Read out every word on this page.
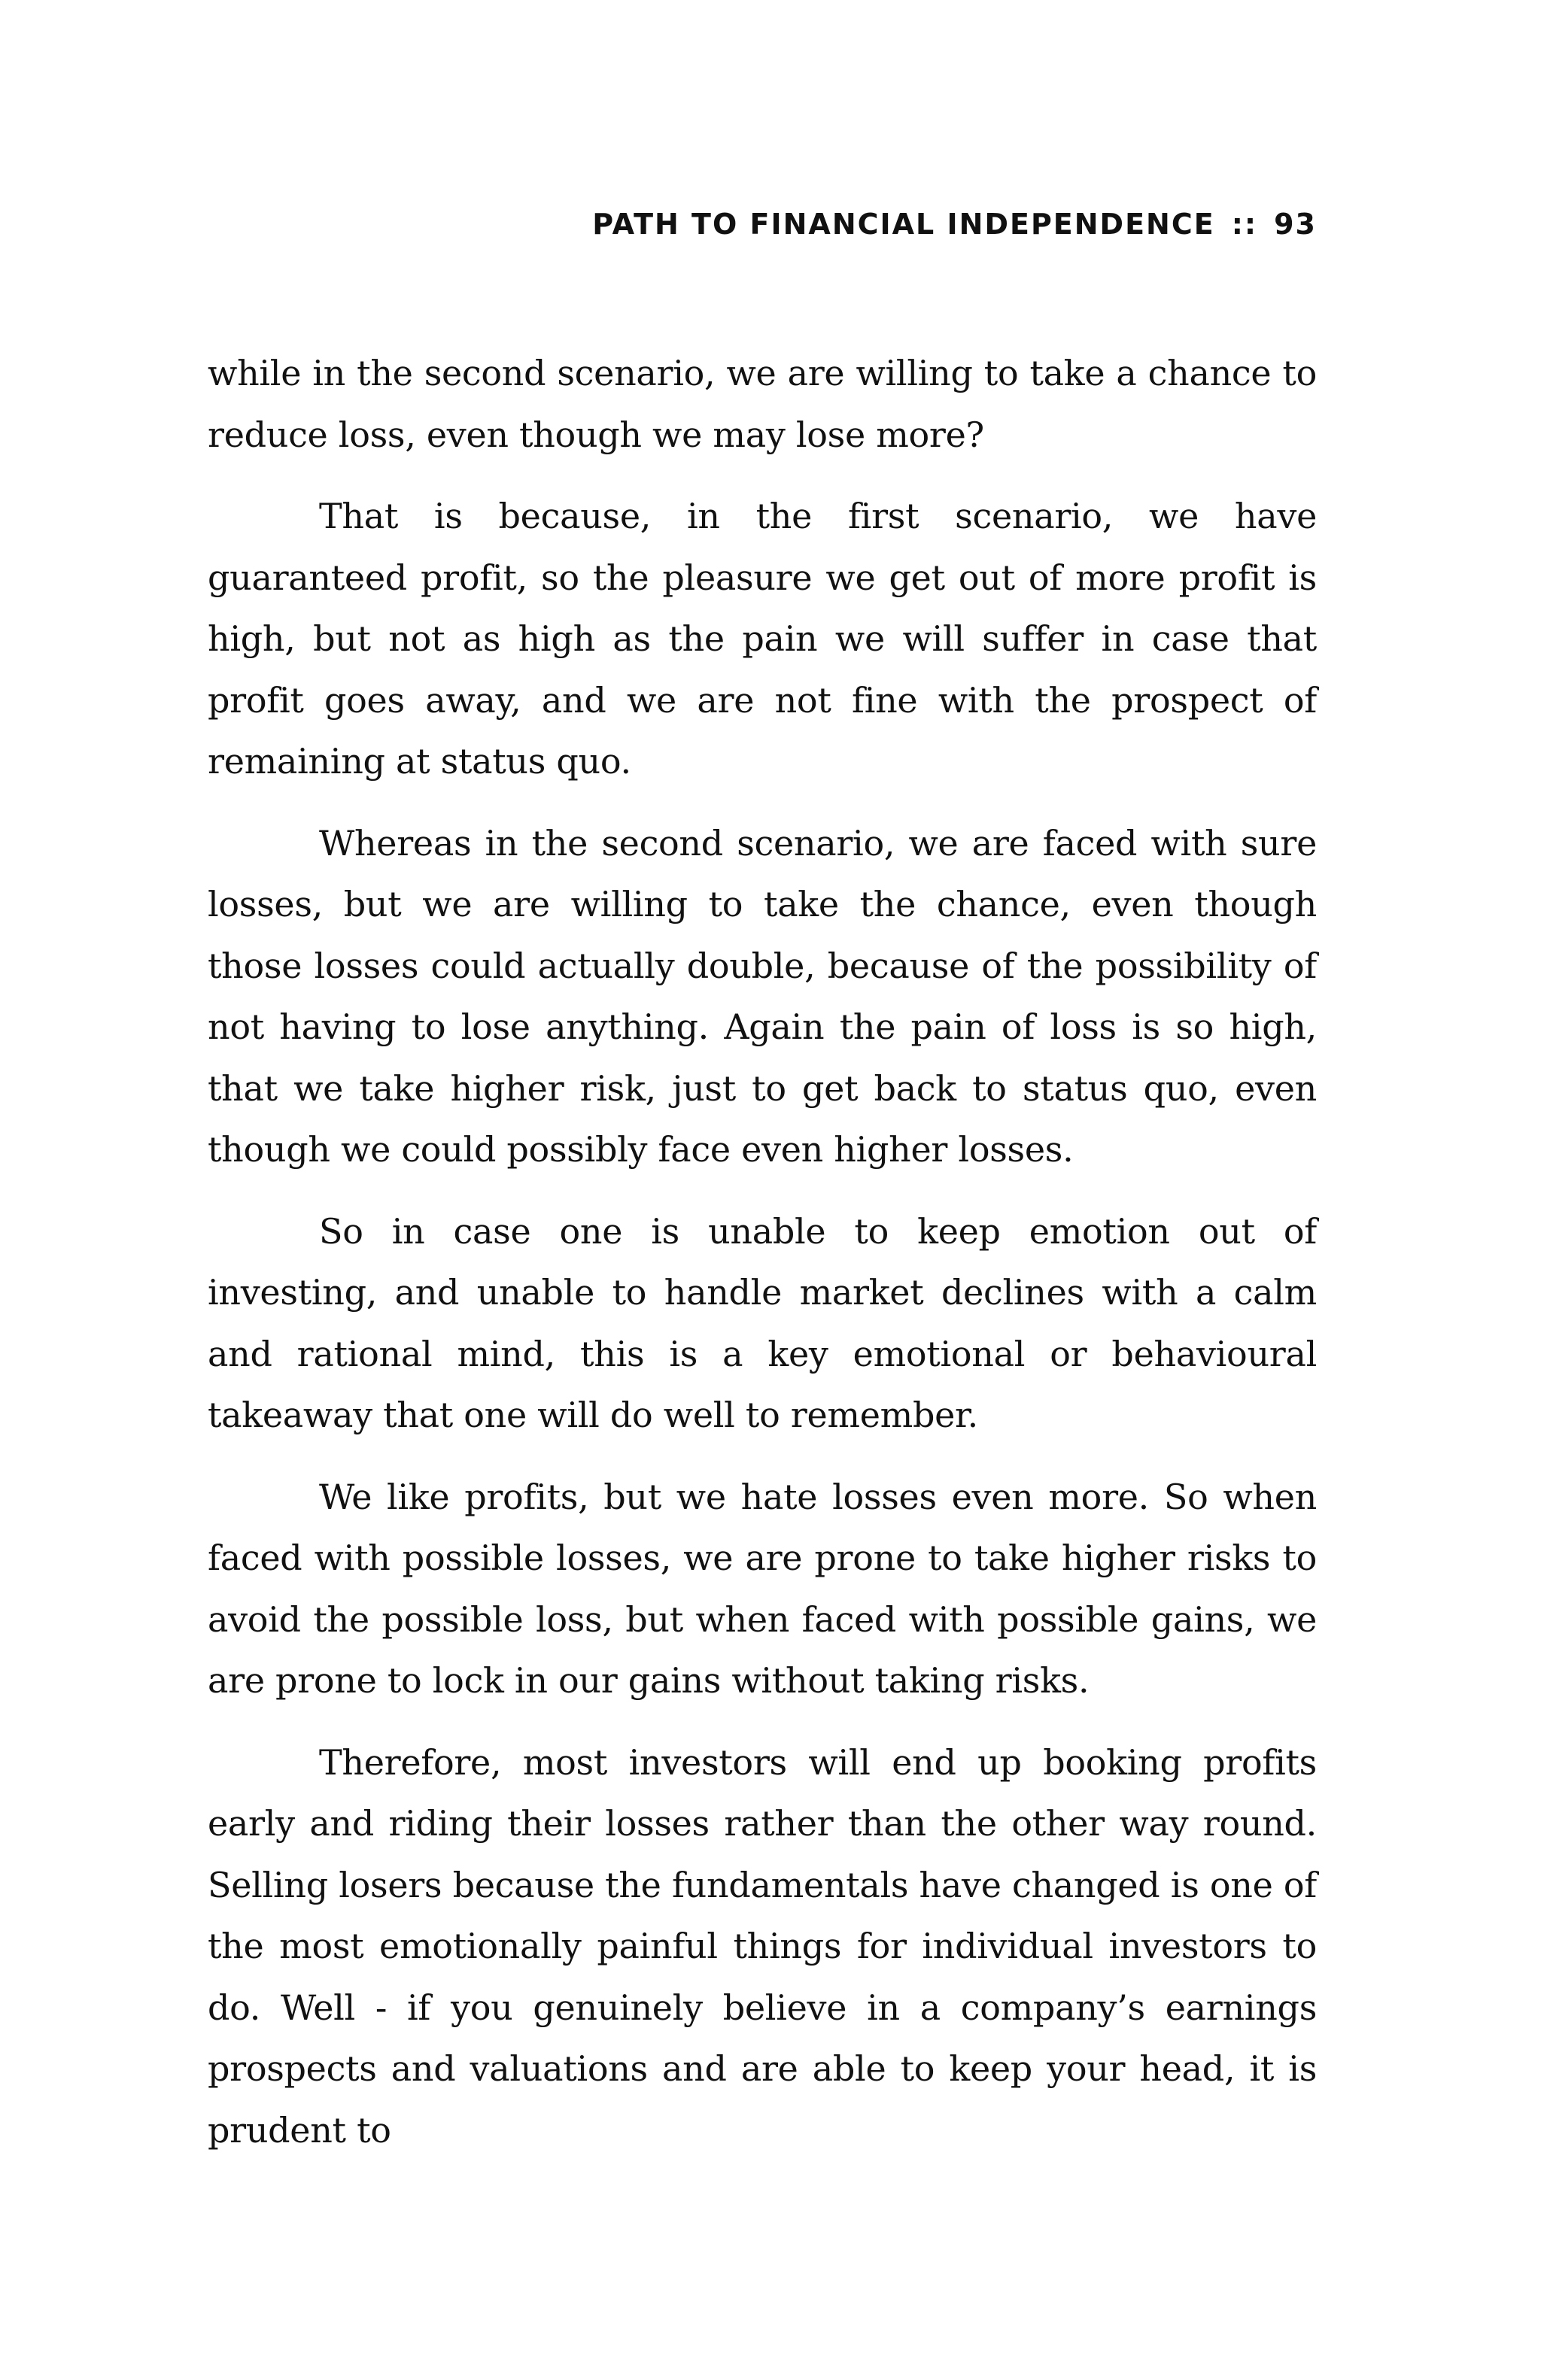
PATH TO FINANCIAL INDEPENDENCE :: 93

while in the second scenario, we are willing to take a chance to reduce loss, even though we may lose more?

That is because, in the first scenario, we have guaranteed profit, so the pleasure we get out of more profit is high, but not as high as the pain we will suffer in case that profit goes away, and we are not fine with the prospect of remaining at status quo.

Whereas in the second scenario, we are faced with sure losses, but we are willing to take the chance, even though those losses could actually double, because of the possibility of not having to lose anything. Again the pain of loss is so high, that we take higher risk, just to get back to status quo, even though we could possibly face even higher losses.

So in case one is unable to keep emotion out of investing, and unable to handle market declines with a calm and rational mind, this is a key emotional or behavioural takeaway that one will do well to remember.

We like profits, but we hate losses even more. So when faced with possible losses, we are prone to take higher risks to avoid the possible loss, but when faced with possible gains, we are prone to lock in our gains without taking risks.

Therefore, most investors will end up booking profits early and riding their losses rather than the other way round. Selling losers because the fundamentals have changed is one of the most emotionally painful things for individual investors to do. Well - if you genuinely believe in a company’s earnings prospects and valuations and are able to keep your head, it is prudent to
